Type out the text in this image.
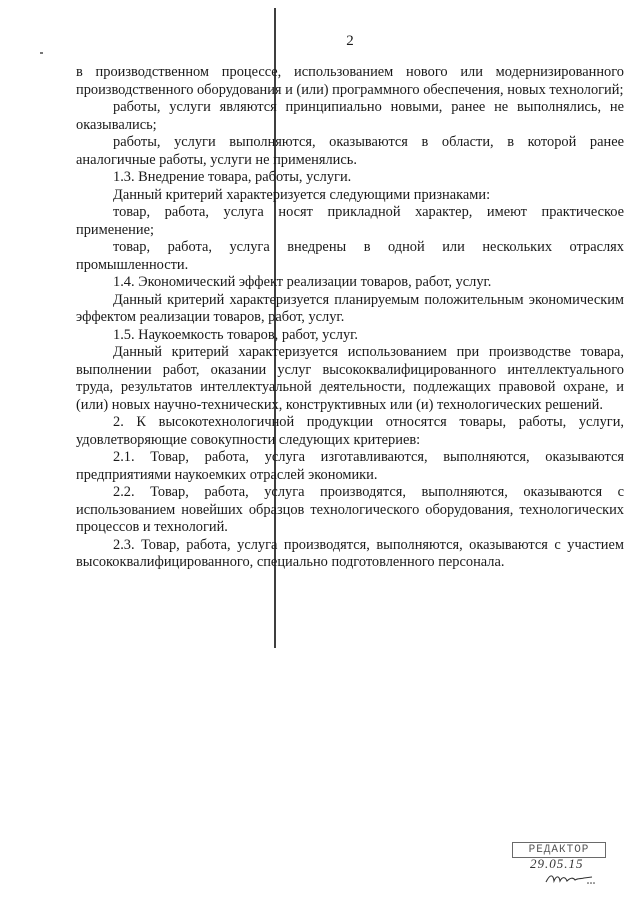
2

в производственном процессе, использованием нового или модернизированного производственного оборудования и (или) программного обеспечения, новых технологий;

работы, услуги являются принципиально новыми, ранее не выполнялись, не оказывались;

работы, услуги выполняются, оказываются в области, в которой ранее аналогичные работы, услуги не применялись.

1.3. Внедрение товара, работы, услуги.

Данный критерий характеризуется следующими признаками:

товар, работа, услуга носят прикладной характер, имеют практическое применение;

товар, работа, услуга внедрены в одной или нескольких отраслях промышленности.

1.4. Экономический эффект реализации товаров, работ, услуг.

Данный критерий характеризуется планируемым положительным экономическим эффектом реализации товаров, работ, услуг.

1.5. Наукоемкость товаров, работ, услуг.

Данный критерий характеризуется использованием при производстве товара, выполнении работ, оказании услуг высококвалифицированного интеллектуального труда, результатов интеллектуальной деятельности, подлежащих правовой охране, и (или) новых научно-технических, конструктивных или (и) технологических решений.

2. К высокотехнологичной продукции относятся товары, работы, услуги, удовлетворяющие совокупности следующих критериев:

2.1. Товар, работа, услуга изготавливаются, выполняются, оказываются предприятиями наукоемких отраслей экономики.

2.2. Товар, работа, услуга производятся, выполняются, оказываются с использованием новейших образцов технологического оборудования, технологических процессов и технологий.

2.3. Товар, работа, услуга производятся, выполняются, оказываются с участием высококвалифицированного, специально подготовленного персонала.

РЕДАКТОР
29.05.15
